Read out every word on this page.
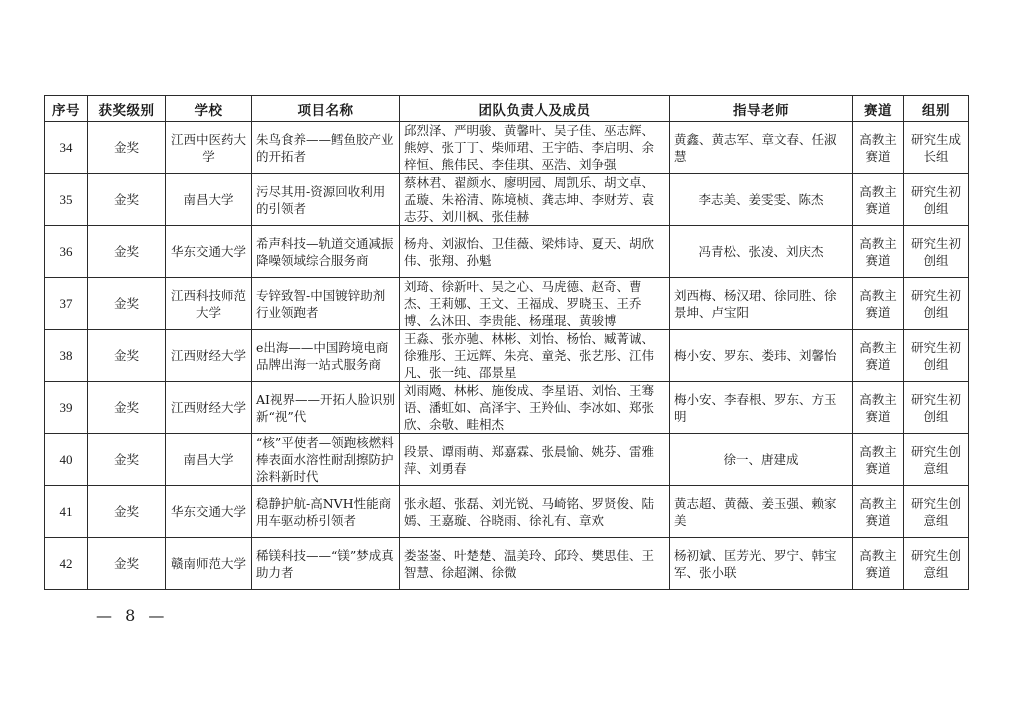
序号	获奖级别	学校	项目名称	团队负责人及成员	指导老师	赛道	组别
34	金奖	江西中医药大学	朱鸟食养——鳕鱼胶产业的开拓者	邱烈泽、严明骏、黄馨叶、吴子佳、巫志辉、熊婷、张丁丁、柴师珺、王宇皓、李启明、余梓恒、熊伟民、李佳琪、巫浩、刘争强	黄鑫、黄志军、章文春、任淑慧	高教主赛道	研究生成长组
35	金奖	南昌大学	污尽其用-资源回收利用的引领者	蔡林君、翟颜水、廖明园、周凯乐、胡文卓、孟璇、朱裕清、陈境桢、龚志坤、李财芳、袁志芬、刘川枫、张佳赫	李志美、姜雯雯、陈杰	高教主赛道	研究生初创组
36	金奖	华东交通大学	希声科技—轨道交通减振降噪领域综合服务商	杨舟、刘淑怡、卫佳薇、梁炜诗、夏天、胡欣伟、张翔、孙魁	冯青松、张凌、刘庆杰	高教主赛道	研究生初创组
37	金奖	江西科技师范大学	专锌致智-中国镀锌助剂行业领跑者	刘琦、徐新叶、吴之心、马虎德、赵奇、曹杰、王莉娜、王文、王福成、罗晓玉、王乔博、么沐田、李贵能、杨瑾琨、黄骏博	刘西梅、杨汉珺、徐同胜、徐景坤、卢宝阳	高教主赛道	研究生初创组
38	金奖	江西财经大学	e出海——中国跨境电商品牌出海一站式服务商	王淼、张亦驰、林彬、刘怡、杨怡、臧菁诚、徐雅彤、王远辉、朱亮、童尧、张艺彤、江伟凡、张一纯、邵景星	梅小安、罗东、娄玮、刘馨怡	高教主赛道	研究生初创组
39	金奖	江西财经大学	AI视界——开拓人脸识别新“视”代	刘雨飏、林彬、施俊成、李星语、刘怡、王骞语、潘虹如、高泽宇、王羚仙、李冰如、郑张欣、余敬、畦相杰	梅小安、李春根、罗东、方玉明	高教主赛道	研究生初创组
40	金奖	南昌大学	“核”平使者—领跑核燃料棒表面水溶性耐刮擦防护涂料新时代	段景、谭雨萌、郑嘉霖、张晨愉、姚芬、雷雅萍、刘勇春	徐一、唐建成	高教主赛道	研究生创意组
41	金奖	华东交通大学	稳静护航-高NVH性能商用车驱动桥引领者	张永超、张磊、刘光锐、马崎铭、罗贤俊、陆嫣、王嘉璇、谷晓雨、徐礼有、章欢	黄志超、黄薇、姜玉强、赖家美	高教主赛道	研究生创意组
42	金奖	赣南师范大学	稀镁科技——“镁”梦成真助力者	娄崟崟、叶楚楚、温美玲、邱玲、樊思佳、王智慧、徐超渊、徐微	杨初斌、匡芳光、罗宁、韩宝军、张小联	高教主赛道	研究生创意组
— 8 —
